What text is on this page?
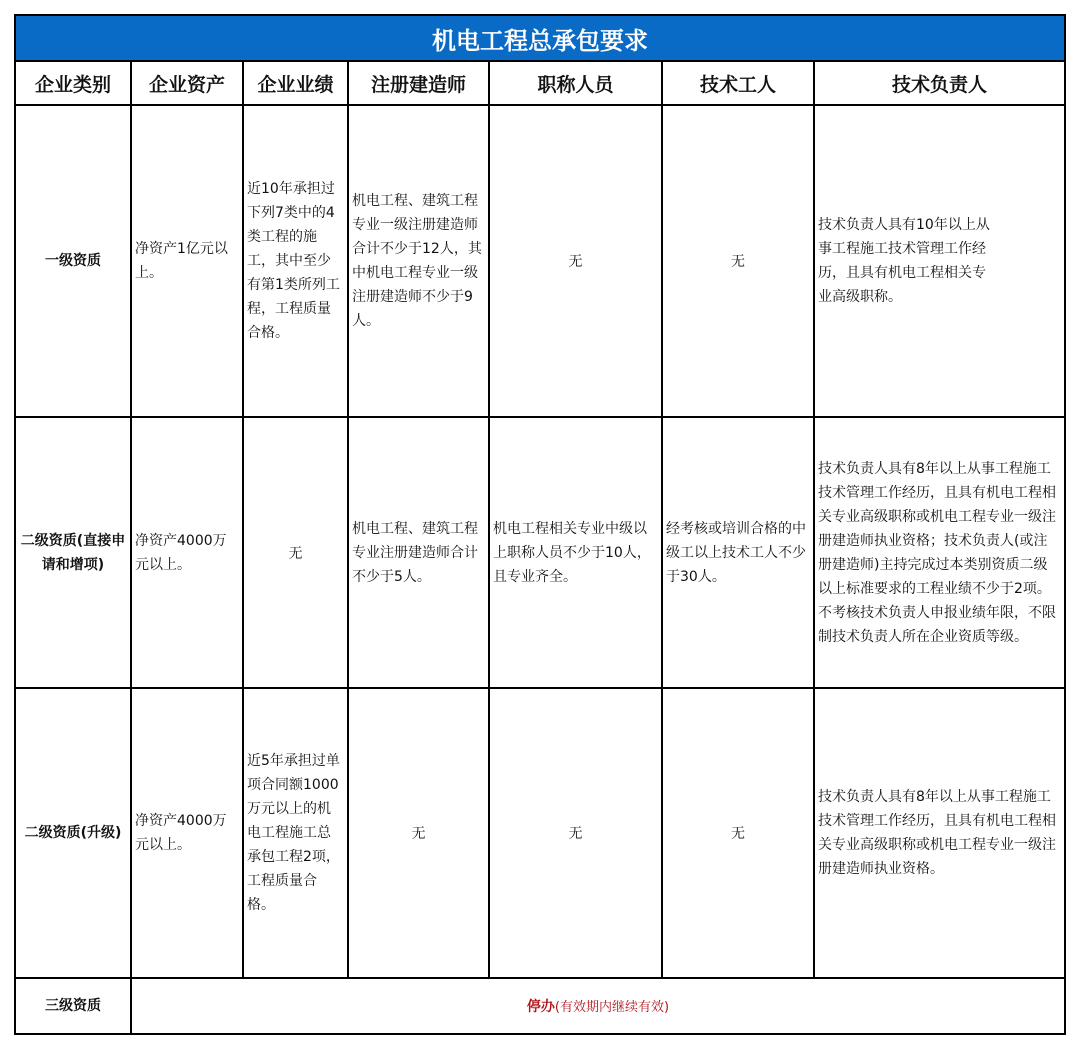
机电工程总承包要求						
企业类别	企业资产	企业业绩	注册建造师	职称人员	技术工人	技术负责人
一级资质	净资产1亿元以上。	近10年承担过下列7类中的4类工程的施工，其中至少有第1类所列工程，工程质量合格。	机电工程、建筑工程专业一级注册建造师合计不少于12人，其中机电工程专业一级注册建造师不少于9人。	无	无	技术负责人具有10年以上从事工程施工技术管理工作经历，且具有机电工程相关专业高级职称。
二级资质(直接申请和增项)	净资产4000万元以上。	无	机电工程、建筑工程专业注册建造师合计不少于5人。	机电工程相关专业中级以上职称人员不少于10人，且专业齐全。	经考核或培训合格的中级工以上技术工人不少于30人。	技术负责人具有8年以上从事工程施工技术管理工作经历，且具有机电工程相关专业高级职称或机电工程专业一级注册建造师执业资格；技术负责人(或注册建造师)主持完成过本类别资质二级以上标准要求的工程业绩不少于2项。不考核技术负责人申报业绩年限，不限制技术负责人所在企业资质等级。
二级资质(升级)	净资产4000万元以上。	近5年承担过单项合同额1000万元以上的机电工程施工总承包工程2项，工程质量合格。	无	无	无	技术负责人具有8年以上从事工程施工技术管理工作经历，且具有机电工程相关专业高级职称或机电工程专业一级注册建造师执业资格。
三级资质	停办(有效期内继续有效)					
